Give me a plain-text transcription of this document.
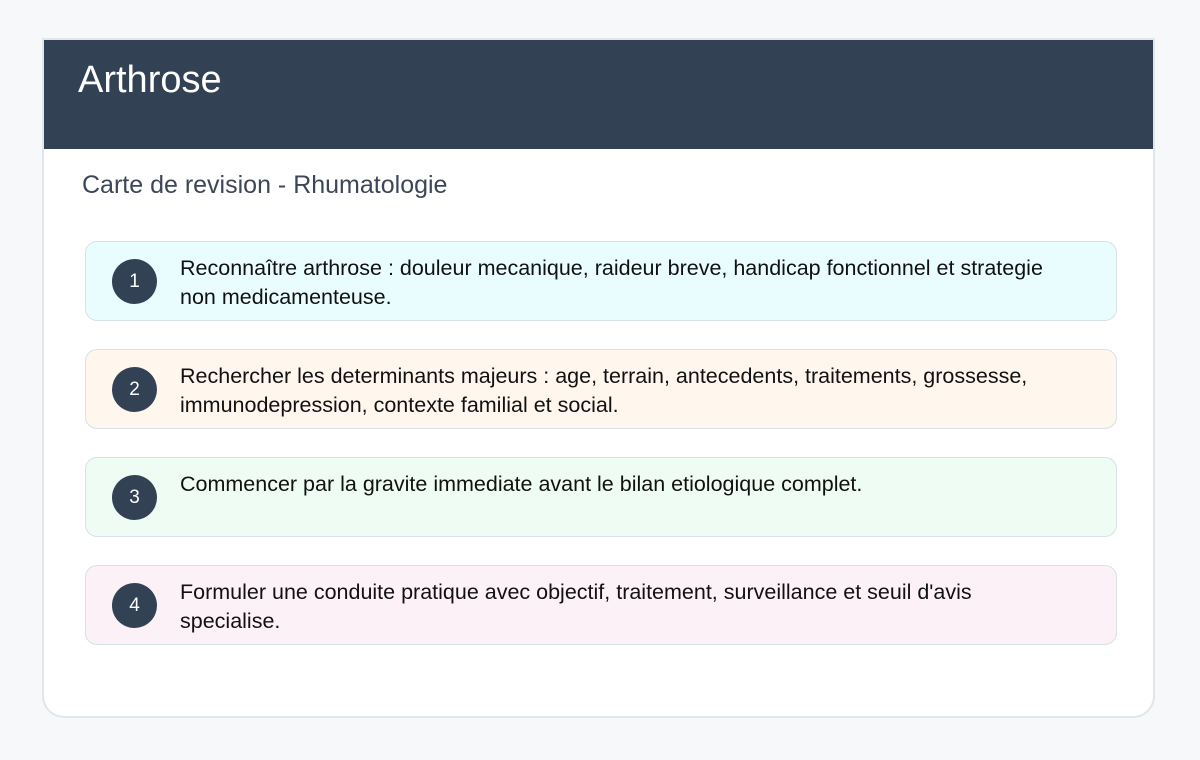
Arthrose
Carte de revision - Rhumatologie
1
Reconnaître arthrose : douleur mecanique, raideur breve, handicap fonctionnel et strategie non medicamenteuse.
2
Rechercher les determinants majeurs : age, terrain, antecedents, traitements, grossesse, immunodepression, contexte familial et social.
3
Commencer par la gravite immediate avant le bilan etiologique complet.
4
Formuler une conduite pratique avec objectif, traitement, surveillance et seuil d'avis specialise.
